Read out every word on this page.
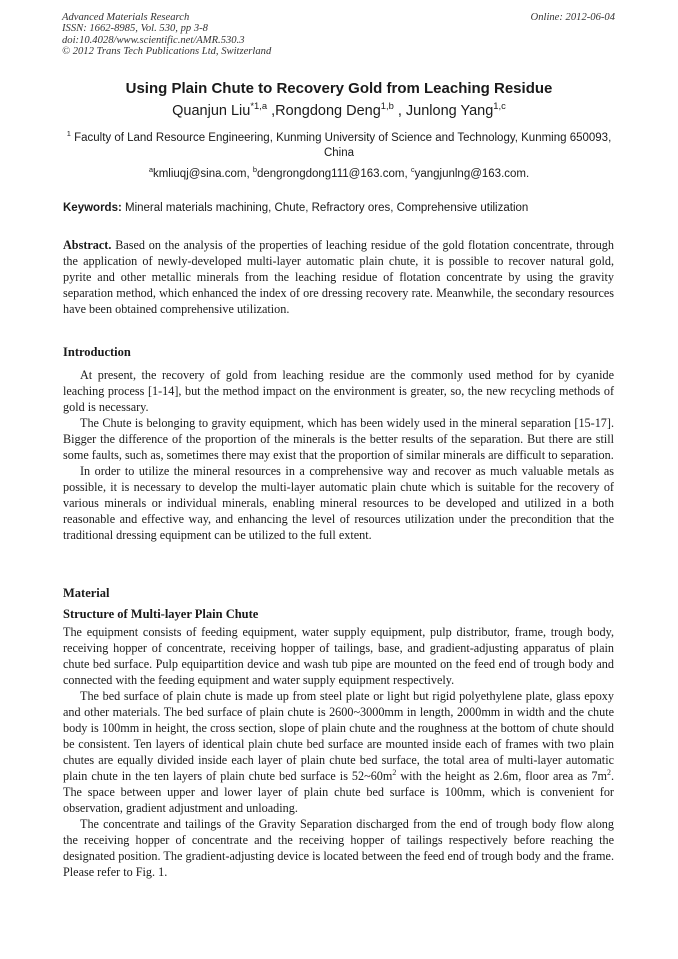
Advanced Materials Research
ISSN: 1662-8985, Vol. 530, pp 3-8
doi:10.4028/www.scientific.net/AMR.530.3
© 2012 Trans Tech Publications Ltd, Switzerland
Online: 2012-06-04
Using Plain Chute to Recovery Gold from Leaching Residue
Quanjun Liu$^{*1,a}$ ,Rongdong Deng$^{1,b}$ , Junlong Yang$^{1,c}$
$^1$ Faculty of Land Resource Engineering, Kunming University of Science and Technology, Kunming 650093, China
$^a$kmliuqj@sina.com, $^b$dengrongdong111@163.com, $^c$yangjunlng@163.com.
Keywords: Mineral materials machining, Chute, Refractory ores, Comprehensive utilization

Abstract. Based on the analysis of the properties of leaching residue of the gold flotation concentrate, through the application of newly-developed multi-layer automatic plain chute, it is possible to recover natural gold, pyrite and other metallic minerals from the leaching residue of flotation concentrate by using the gravity separation method, which enhanced the index of ore dressing recovery rate. Meanwhile, the secondary resources have been obtained comprehensive utilization.

Introduction

At present, the recovery of gold from leaching residue are the commonly used method for by cyanide leaching process [1-14], but the method impact on the environment is greater, so, the new recycling methods of gold is necessary.

The Chute is belonging to gravity equipment, which has been widely used in the mineral separation [15-17]. Bigger the difference of the proportion of the minerals is the better results of the separation. But there are still some faults, such as, sometimes there may exist that the proportion of similar minerals are difficult to separation.

In order to utilize the mineral resources in a comprehensive way and recover as much valuable metals as possible, it is necessary to develop the multi-layer automatic plain chute which is suitable for the recovery of various minerals or individual minerals, enabling mineral resources to be developed and utilized in a both reasonable and effective way, and enhancing the level of resources utilization under the precondition that the traditional dressing equipment can be utilized to the full extent.

Material
Structure of Multi-layer Plain Chute

The equipment consists of feeding equipment, water supply equipment, pulp distributor, frame, trough body, receiving hopper of concentrate, receiving hopper of tailings, base, and gradient-adjusting apparatus of plain chute bed surface. Pulp equipartition device and wash tub pipe are mounted on the feed end of trough body and connected with the feeding equipment and water supply equipment respectively.

The bed surface of plain chute is made up from steel plate or light but rigid polyethylene plate, glass epoxy and other materials. The bed surface of plain chute is 2600~3000mm in length, 2000mm in width and the chute body is 100mm in height, the cross section, slope of plain chute and the roughness at the bottom of chute should be consistent. Ten layers of identical plain chute bed surface are mounted inside each of frames with two plain chutes are equally divided inside each layer of plain chute bed surface, the total area of multi-layer automatic plain chute in the ten layers of plain chute bed surface is $52\sim 60m^2$ with the height as 2.6m, floor area as $7m^2$. The space between upper and lower layer of plain chute bed surface is 100mm, which is convenient for observation, gradient adjustment and unloading.

The concentrate and tailings of the Gravity Separation discharged from the end of trough body flow along the receiving hopper of concentrate and the receiving hopper of tailings respectively before reaching the designated position. The gradient-adjusting device is located between the feed end of trough body and the frame. Please refer to Fig. 1.
